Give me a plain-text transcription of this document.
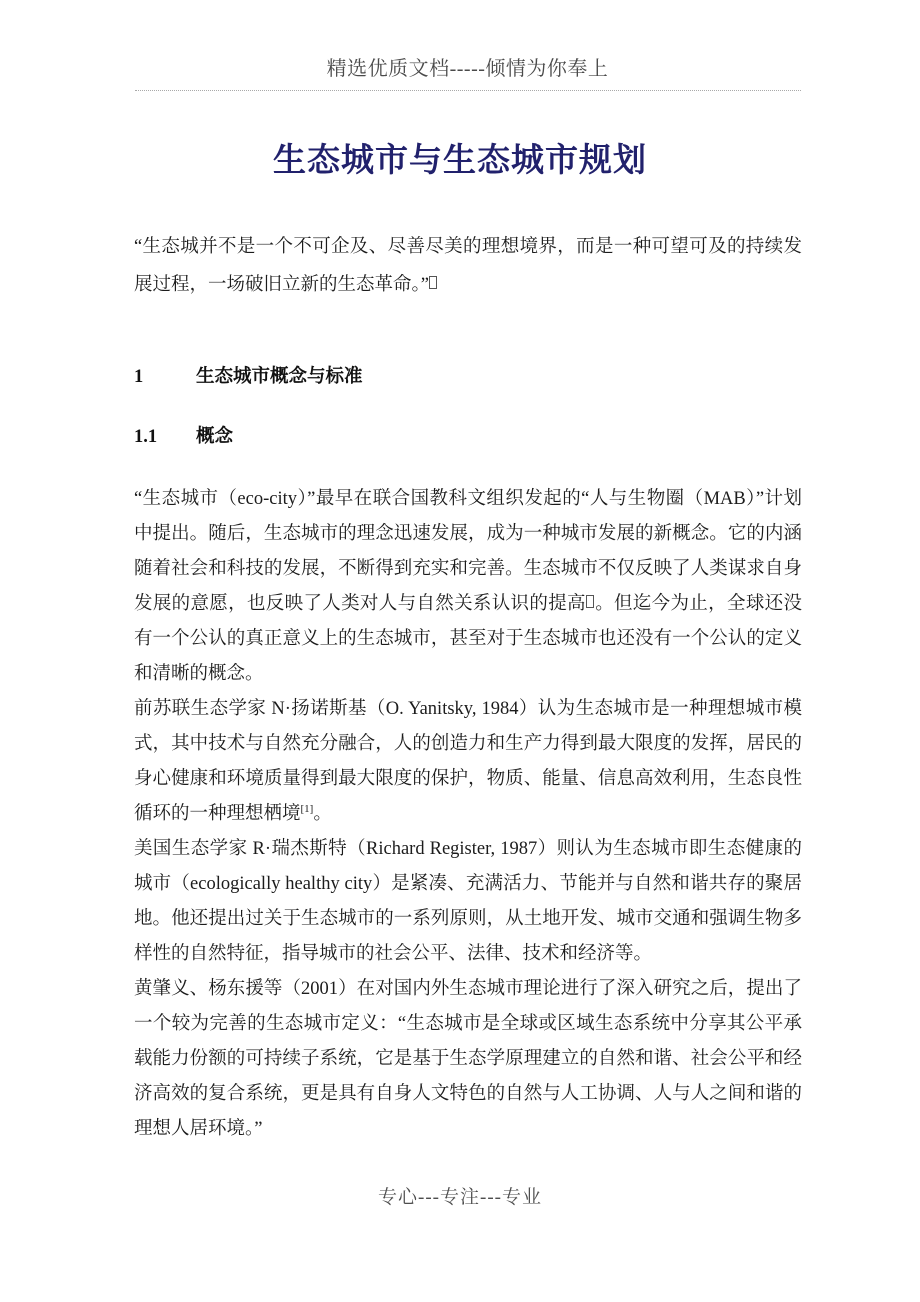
精选优质文档-----倾情为你奉上
生态城市与生态城市规划

“生态城并不是一个不可企及、尽善尽美的理想境界，而是一种可望可及的持续发展过程，一场破旧立新的生态革命。”

1	生态城市概念与标准
1.1	概念

“生态城市（eco-city）”最早在联合国教科文组织发起的“人与生物圈（MAB）”计划中提出。随后，生态城市的理念迅速发展，成为一种城市发展的新概念。它的内涵随着社会和科技的发展，不断得到充实和完善。生态城市不仅反映了人类谋求自身发展的意愿，也反映了人类对人与自然关系认识的提高 。但迄今为止，全球还没有一个公认的真正意义上的生态城市，甚至对于生态城市也还没有一个公认的定义和清晰的概念。

前苏联生态学家 N·扬诺斯基（O. Yanitsky, 1984）认为生态城市是一种理想城市模式，其中技术与自然充分融合，人的创造力和生产力得到最大限度的发挥，居民的身心健康和环境质量得到最大限度的保护，物质、能量、信息高效利用，生态良性循环的一种理想栖境[1]。

美国生态学家 R·瑞杰斯特（Richard Register, 1987）则认为生态城市即生态健康的城市（ecologically healthy city）是紧凑、充满活力、节能并与自然和谐共存的聚居地。他还提出过关于生态城市的一系列原则，从土地开发、城市交通和强调生物多样性的自然特征，指导城市的社会公平、法律、技术和经济等。

黄肇义、杨东援等（2001）在对国内外生态城市理论进行了深入研究之后，提出了一个较为完善的生态城市定义：“生态城市是全球或区域生态系统中分享其公平承载能力份额的可持续子系统，它是基于生态学原理建立的自然和谐、社会公平和经济高效的复合系统，更是具有自身人文特色的自然与人工协调、人与人之间和谐的理想人居环境。”

专心---专注---专业
